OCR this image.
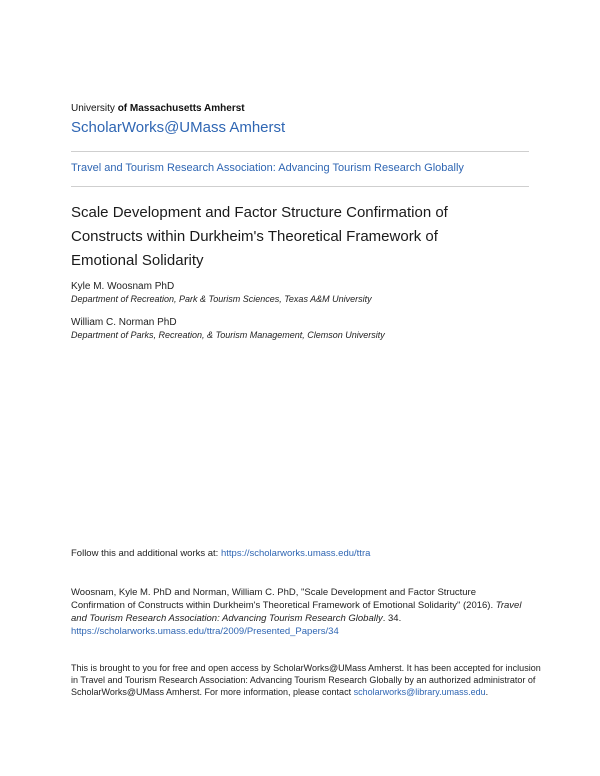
University of Massachusetts Amherst
ScholarWorks@UMass Amherst
Travel and Tourism Research Association: Advancing Tourism Research Globally
Scale Development and Factor Structure Confirmation of Constructs within Durkheim's Theoretical Framework of Emotional Solidarity
Kyle M. Woosnam PhD
Department of Recreation, Park & Tourism Sciences, Texas A&M University
William C. Norman PhD
Department of Parks, Recreation, & Tourism Management, Clemson University
Follow this and additional works at: https://scholarworks.umass.edu/ttra
Woosnam, Kyle M. PhD and Norman, William C. PhD, "Scale Development and Factor Structure Confirmation of Constructs within Durkheim's Theoretical Framework of Emotional Solidarity" (2016). Travel and Tourism Research Association: Advancing Tourism Research Globally. 34.
https://scholarworks.umass.edu/ttra/2009/Presented_Papers/34
This is brought to you for free and open access by ScholarWorks@UMass Amherst. It has been accepted for inclusion in Travel and Tourism Research Association: Advancing Tourism Research Globally by an authorized administrator of ScholarWorks@UMass Amherst. For more information, please contact scholarworks@library.umass.edu.
